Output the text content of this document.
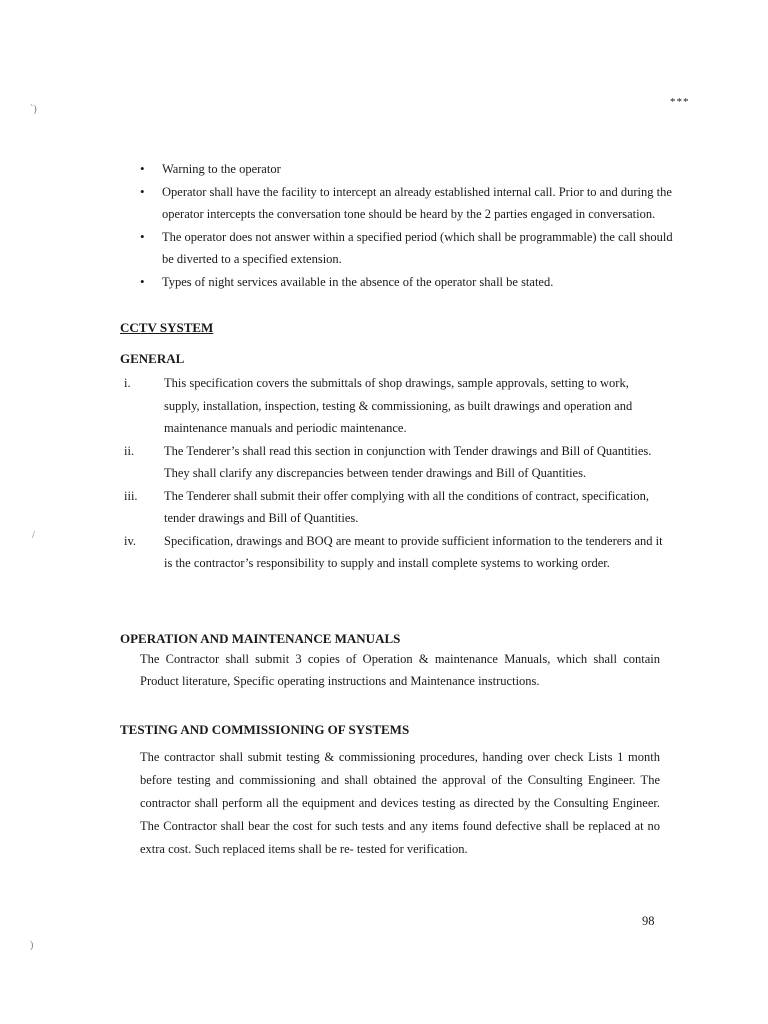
***
`)
/
)
• Warning to the operator
• Operator shall have the facility to intercept an already established internal call. Prior to and during the operator intercepts the conversation tone should be heard by the 2 parties engaged in conversation.
• The operator does not answer within a specified period (which shall be programmable) the call should be diverted to a specified extension.
• Types of night services available in the absence of the operator shall be stated.
CCTV SYSTEM
GENERAL
i.	This specification covers the submittals of shop drawings, sample approvals, setting to work, supply, installation, inspection, testing & commissioning, as built drawings and operation and maintenance manuals and periodic maintenance.
ii.	The Tenderer’s shall read this section in conjunction with Tender drawings and Bill of Quantities. They shall clarify any discrepancies between tender drawings and Bill of Quantities.
iii.	The Tenderer shall submit their offer complying with all the conditions of contract, specification, tender drawings and Bill of Quantities.
iv.	Specification, drawings and BOQ are meant to provide sufficient information to the tenderers and it is the contractor’s responsibility to supply and install complete systems to working order.
OPERATION AND MAINTENANCE MANUALS

The Contractor shall submit 3 copies of Operation & maintenance Manuals, which shall contain Product literature, Specific operating instructions and Maintenance instructions.

TESTING AND COMMISSIONING OF SYSTEMS

The contractor shall submit testing & commissioning procedures, handing over check Lists 1 month before testing and commissioning and shall obtained the approval of the Consulting Engineer. The contractor shall perform all the equipment and devices testing as directed by the Consulting Engineer. The Contractor shall bear the cost for such tests and any items found defective shall be replaced at no extra cost. Such replaced items shall be re- tested for verification.

98
